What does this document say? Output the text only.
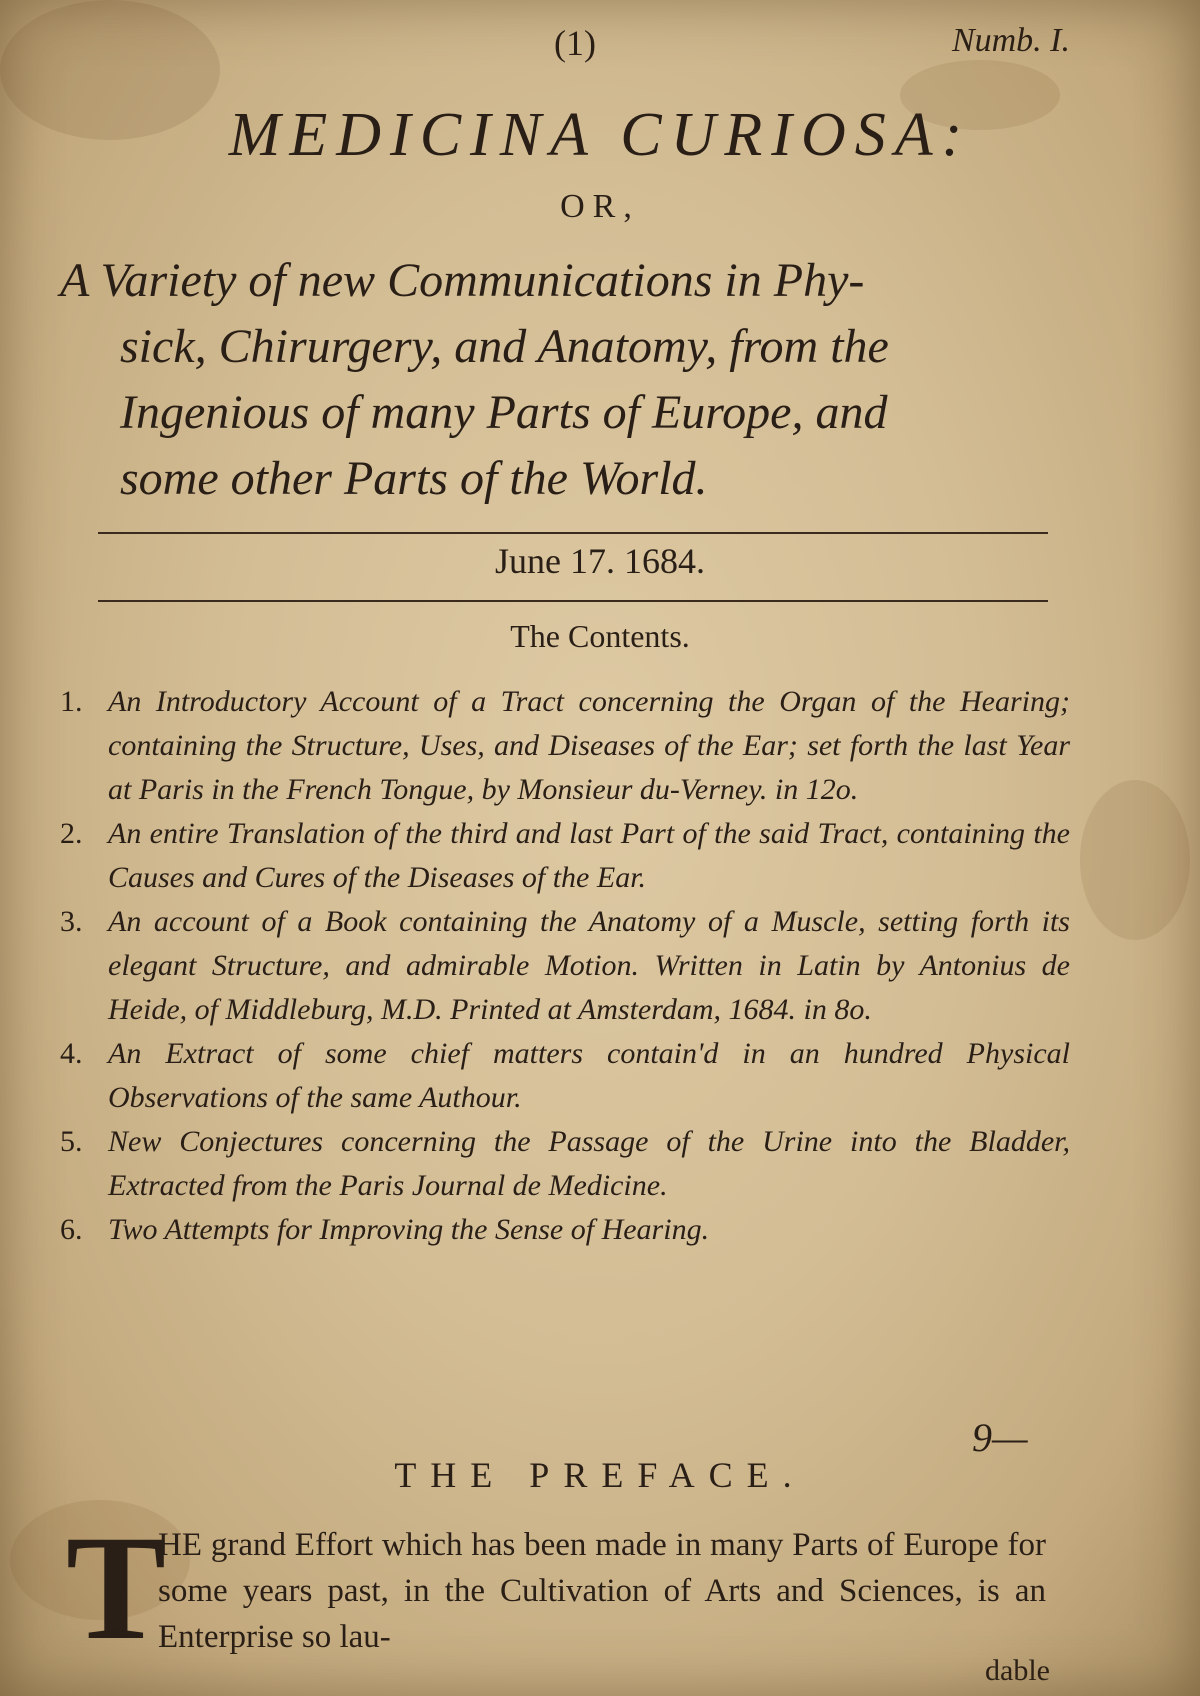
(1)	Numb. I.
MEDICINA CURIOSA:
OR,

A Variety of new Communications in Phy-
sick, Chirurgery, and Anatomy, from the
Ingenious of many Parts of Europe, and
some other Parts of the World.

June 17. 1684.
The Contents.
1. An Introductory Account of a Tract concerning the Organ of the Hearing; containing the Structure, Uses, and Diseases of the Ear; set forth the last Year at Paris in the French Tongue, by Monsieur du-Verney. in 12o.
2. An entire Translation of the third and last Part of the said Tract, containing the Causes and Cures of the Diseases of the Ear.
3. An account of a Book containing the Anatomy of a Muscle, setting forth its elegant Structure, and admirable Motion. Written in Latin by Antonius de Heide, of Middleburg, M.D. Printed at Amsterdam, 1684. in 8o.
4. An Extract of some chief matters contain'd in an hundred Physical Observations of the same Authour.
5. New Conjectures concerning the Passage of the Urine into the Bladder, Extracted from the Paris Journal de Medicine.
6. Two Attempts for Improving the Sense of Hearing.
9—
THE PREFACE.
T

HE grand Effort which has been made in many Parts of Europe for some years past, in the Cultivation of Arts and Sciences, is an Enterprise so lau-

dable
